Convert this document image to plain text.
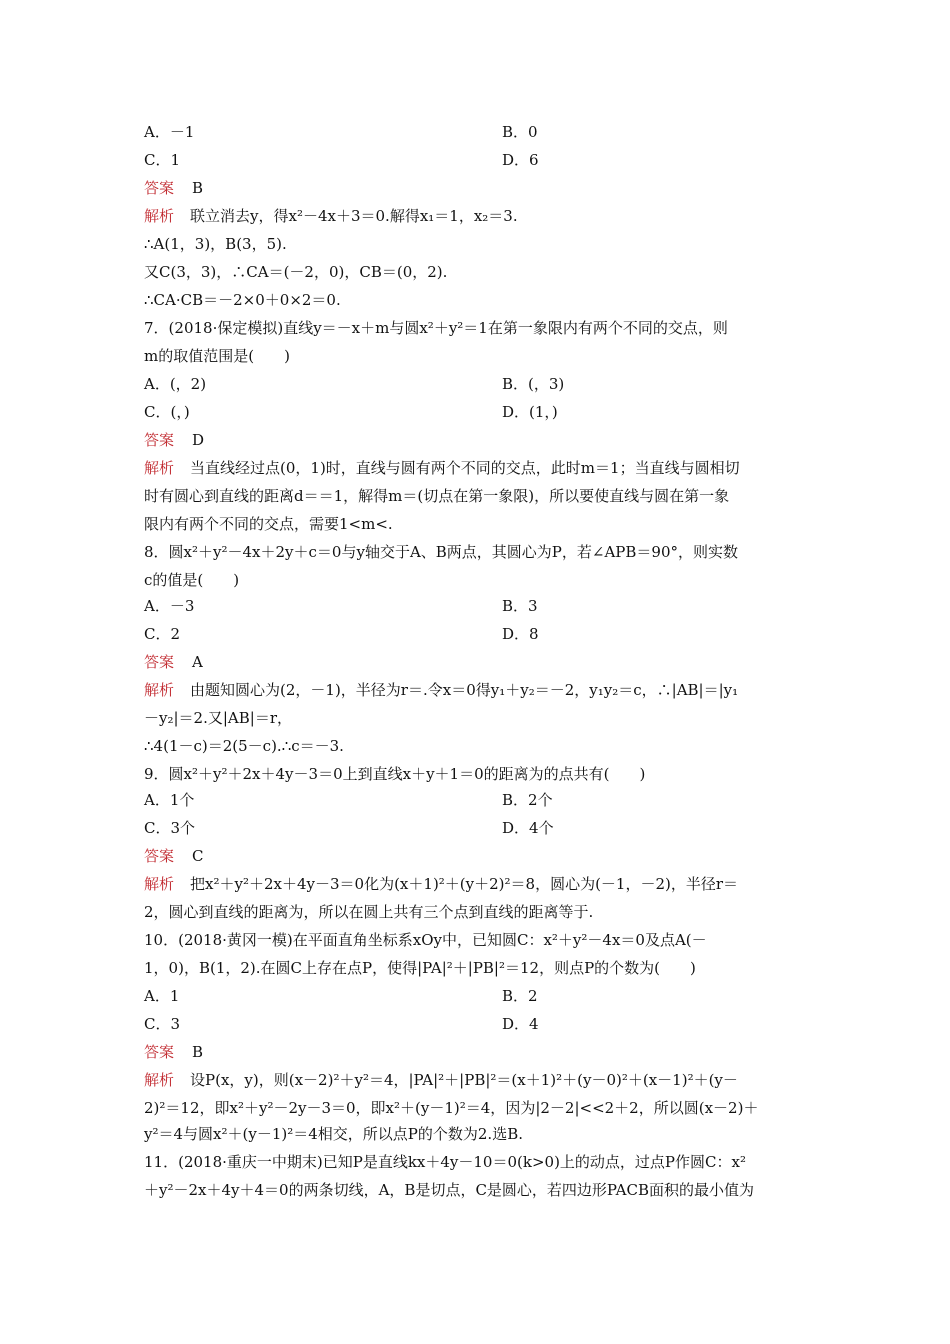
A．－1	B．0
C．1	D．6
答案 B
解析 联立消去y，得x²－4x＋3＝0.解得x₁＝1，x₂＝3.
∴A(1，3)，B(3，5).
又C(3，3)，∴CA＝(－2，0)，CB＝(0，2).
∴CA·CB＝－2×0＋0×2＝0.
7．(2018·保定模拟)直线y＝－x＋m与圆x²＋y²＝1在第一象限内有两个不同的交点，则
m的取值范围是(　　)
A．(，2)	B．(，3)
C．(，)	D．(1，)
答案 D
解析 当直线经过点(0，1)时，直线与圆有两个不同的交点，此时m＝1；当直线与圆相切
时有圆心到直线的距离d＝＝1，解得m＝(切点在第一象限)，所以要使直线与圆在第一象
限内有两个不同的交点，需要1<m<.
8．圆x²＋y²－4x＋2y＋c＝0与y轴交于A、B两点，其圆心为P，若∠APB＝90°，则实数
c的值是(　　)
A．－3	B．3
C．2	D．8
答案 A
解析 由题知圆心为(2，－1)，半径为r＝.令x＝0得y₁＋y₂＝－2，y₁y₂＝c，∴|AB|＝|y₁
－y₂|＝2.又|AB|＝r，
∴4(1－c)＝2(5－c).∴c＝－3.
9．圆x²＋y²＋2x＋4y－3＝0上到直线x＋y＋1＝0的距离为的点共有(　　)
A．1个	B．2个
C．3个	D．4个
答案 C
解析 把x²＋y²＋2x＋4y－3＝0化为(x＋1)²＋(y＋2)²＝8，圆心为(－1，－2)，半径r＝
2，圆心到直线的距离为，所以在圆上共有三个点到直线的距离等于.
10．(2018·黄冈一模)在平面直角坐标系xOy中，已知圆C：x²＋y²－4x＝0及点A(－
1，0)，B(1，2).在圆C上存在点P，使得|PA|²＋|PB|²＝12，则点P的个数为(　　)
A．1	B．2
C．3	D．4
答案 B
解析 设P(x，y)，则(x－2)²＋y²＝4，|PA|²＋|PB|²＝(x＋1)²＋(y－0)²＋(x－1)²＋(y－
2)²＝12，即x²＋y²－2y－3＝0，即x²＋(y－1)²＝4，因为|2－2|<<2＋2，所以圆(x－2)＋
y²＝4与圆x²＋(y－1)²＝4相交，所以点P的个数为2.选B.
11．(2018·重庆一中期末)已知P是直线kx＋4y－10＝0(k>0)上的动点，过点P作圆C：x²
＋y²－2x＋4y＋4＝0的两条切线，A，B是切点，C是圆心，若四边形PACB面积的最小值为
